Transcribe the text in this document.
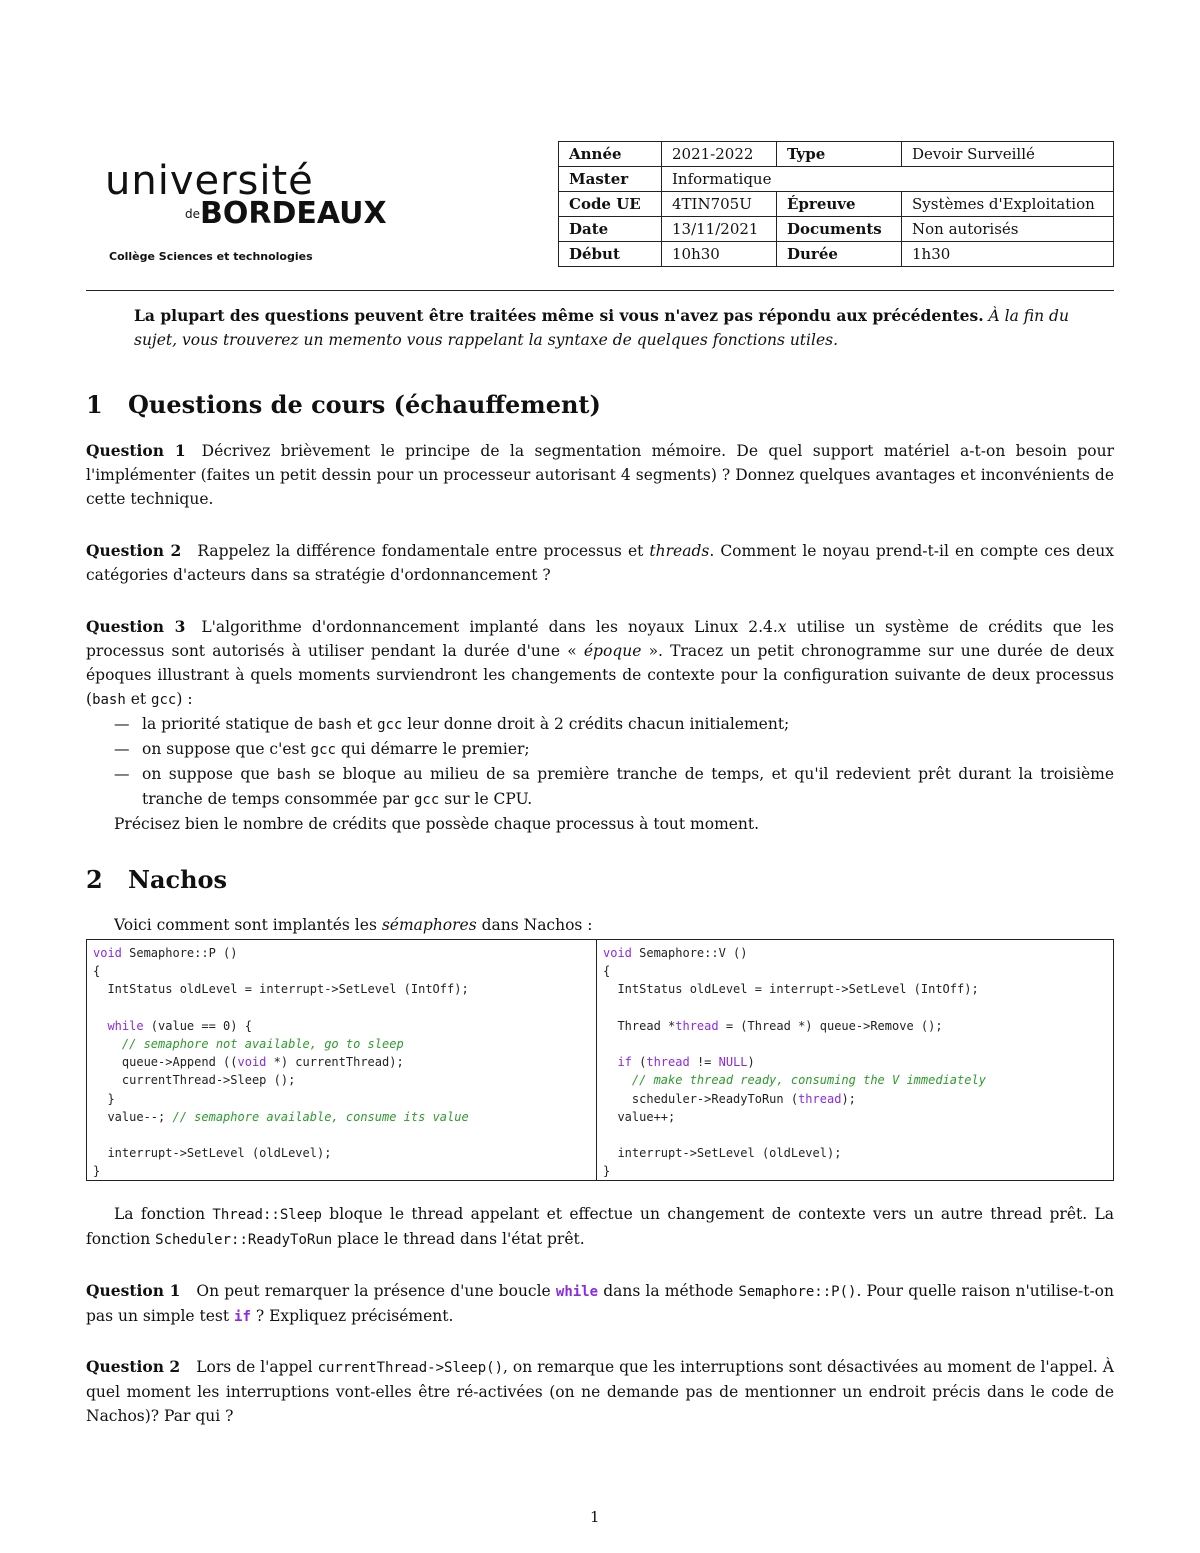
université
de BORDEAUX
Collège Sciences et technologies
Année	2021-2022	Type	Devoir Surveillé
Master	Informatique		
Code UE	4TIN705U	Épreuve	Systèmes d'Exploitation
Date	13/11/2021	Documents	Non autorisés
Début	10h30	Durée	1h30
La plupart des questions peuvent être traitées même si vous n'avez pas répondu aux précédentes. À la fin du sujet, vous trouverez un memento vous rappelant la syntaxe de quelques fonctions utiles.
1 Questions de cours (échauffement)
Question 1 Décrivez brièvement le principe de la segmentation mémoire. De quel support matériel a-t-on besoin pour l'implémenter (faites un petit dessin pour un processeur autorisant 4 segments) ? Donnez quelques avantages et inconvénients de cette technique.
Question 2 Rappelez la différence fondamentale entre processus et threads. Comment le noyau prend-t-il en compte ces deux catégories d'acteurs dans sa stratégie d'ordonnancement ?
Question 3 L'algorithme d'ordonnancement implanté dans les noyaux Linux 2.4.x utilise un système de crédits que les processus sont autorisés à utiliser pendant la durée d'une « époque ». Tracez un petit chronogramme sur une durée de deux époques illustrant à quels moments surviendront les changements de contexte pour la configuration suivante de deux processus (bash et gcc) :
— la priorité statique de bash et gcc leur donne droit à 2 crédits chacun initialement;
— on suppose que c'est gcc qui démarre le premier;
— on suppose que bash se bloque au milieu de sa première tranche de temps, et qu'il redevient prêt durant la troisième tranche de temps consommée par gcc sur le CPU.
Précisez bien le nombre de crédits que possède chaque processus à tout moment.
2 Nachos
Voici comment sont implantés les sémaphores dans Nachos :
void Semaphore::P ()
{
IntStatus oldLevel = interrupt->SetLevel (IntOff);

while (value == 0) {
// semaphore not available, go to sleep
queue->Append ((void *) currentThread);
currentThread->Sleep ();
}
value--; // semaphore available, consume its value

interrupt->SetLevel (oldLevel);
}
void Semaphore::V ()
{
IntStatus oldLevel = interrupt->SetLevel (IntOff);

Thread *thread = (Thread *) queue->Remove ();

if (thread != NULL)
// make thread ready, consuming the V immediately
scheduler->ReadyToRun (thread);
value++;

interrupt->SetLevel (oldLevel);
}
La fonction Thread::Sleep bloque le thread appelant et effectue un changement de contexte vers un autre thread prêt. La fonction Scheduler::ReadyToRun place le thread dans l'état prêt.
Question 1 On peut remarquer la présence d'une boucle while dans la méthode Semaphore::P(). Pour quelle raison n'utilise-t-on pas un simple test if ? Expliquez précisément.
Question 2 Lors de l'appel currentThread->Sleep(), on remarque que les interruptions sont désactivées au moment de l'appel. À quel moment les interruptions vont-elles être ré-activées (on ne demande pas de mentionner un endroit précis dans le code de Nachos)? Par qui ?
1
